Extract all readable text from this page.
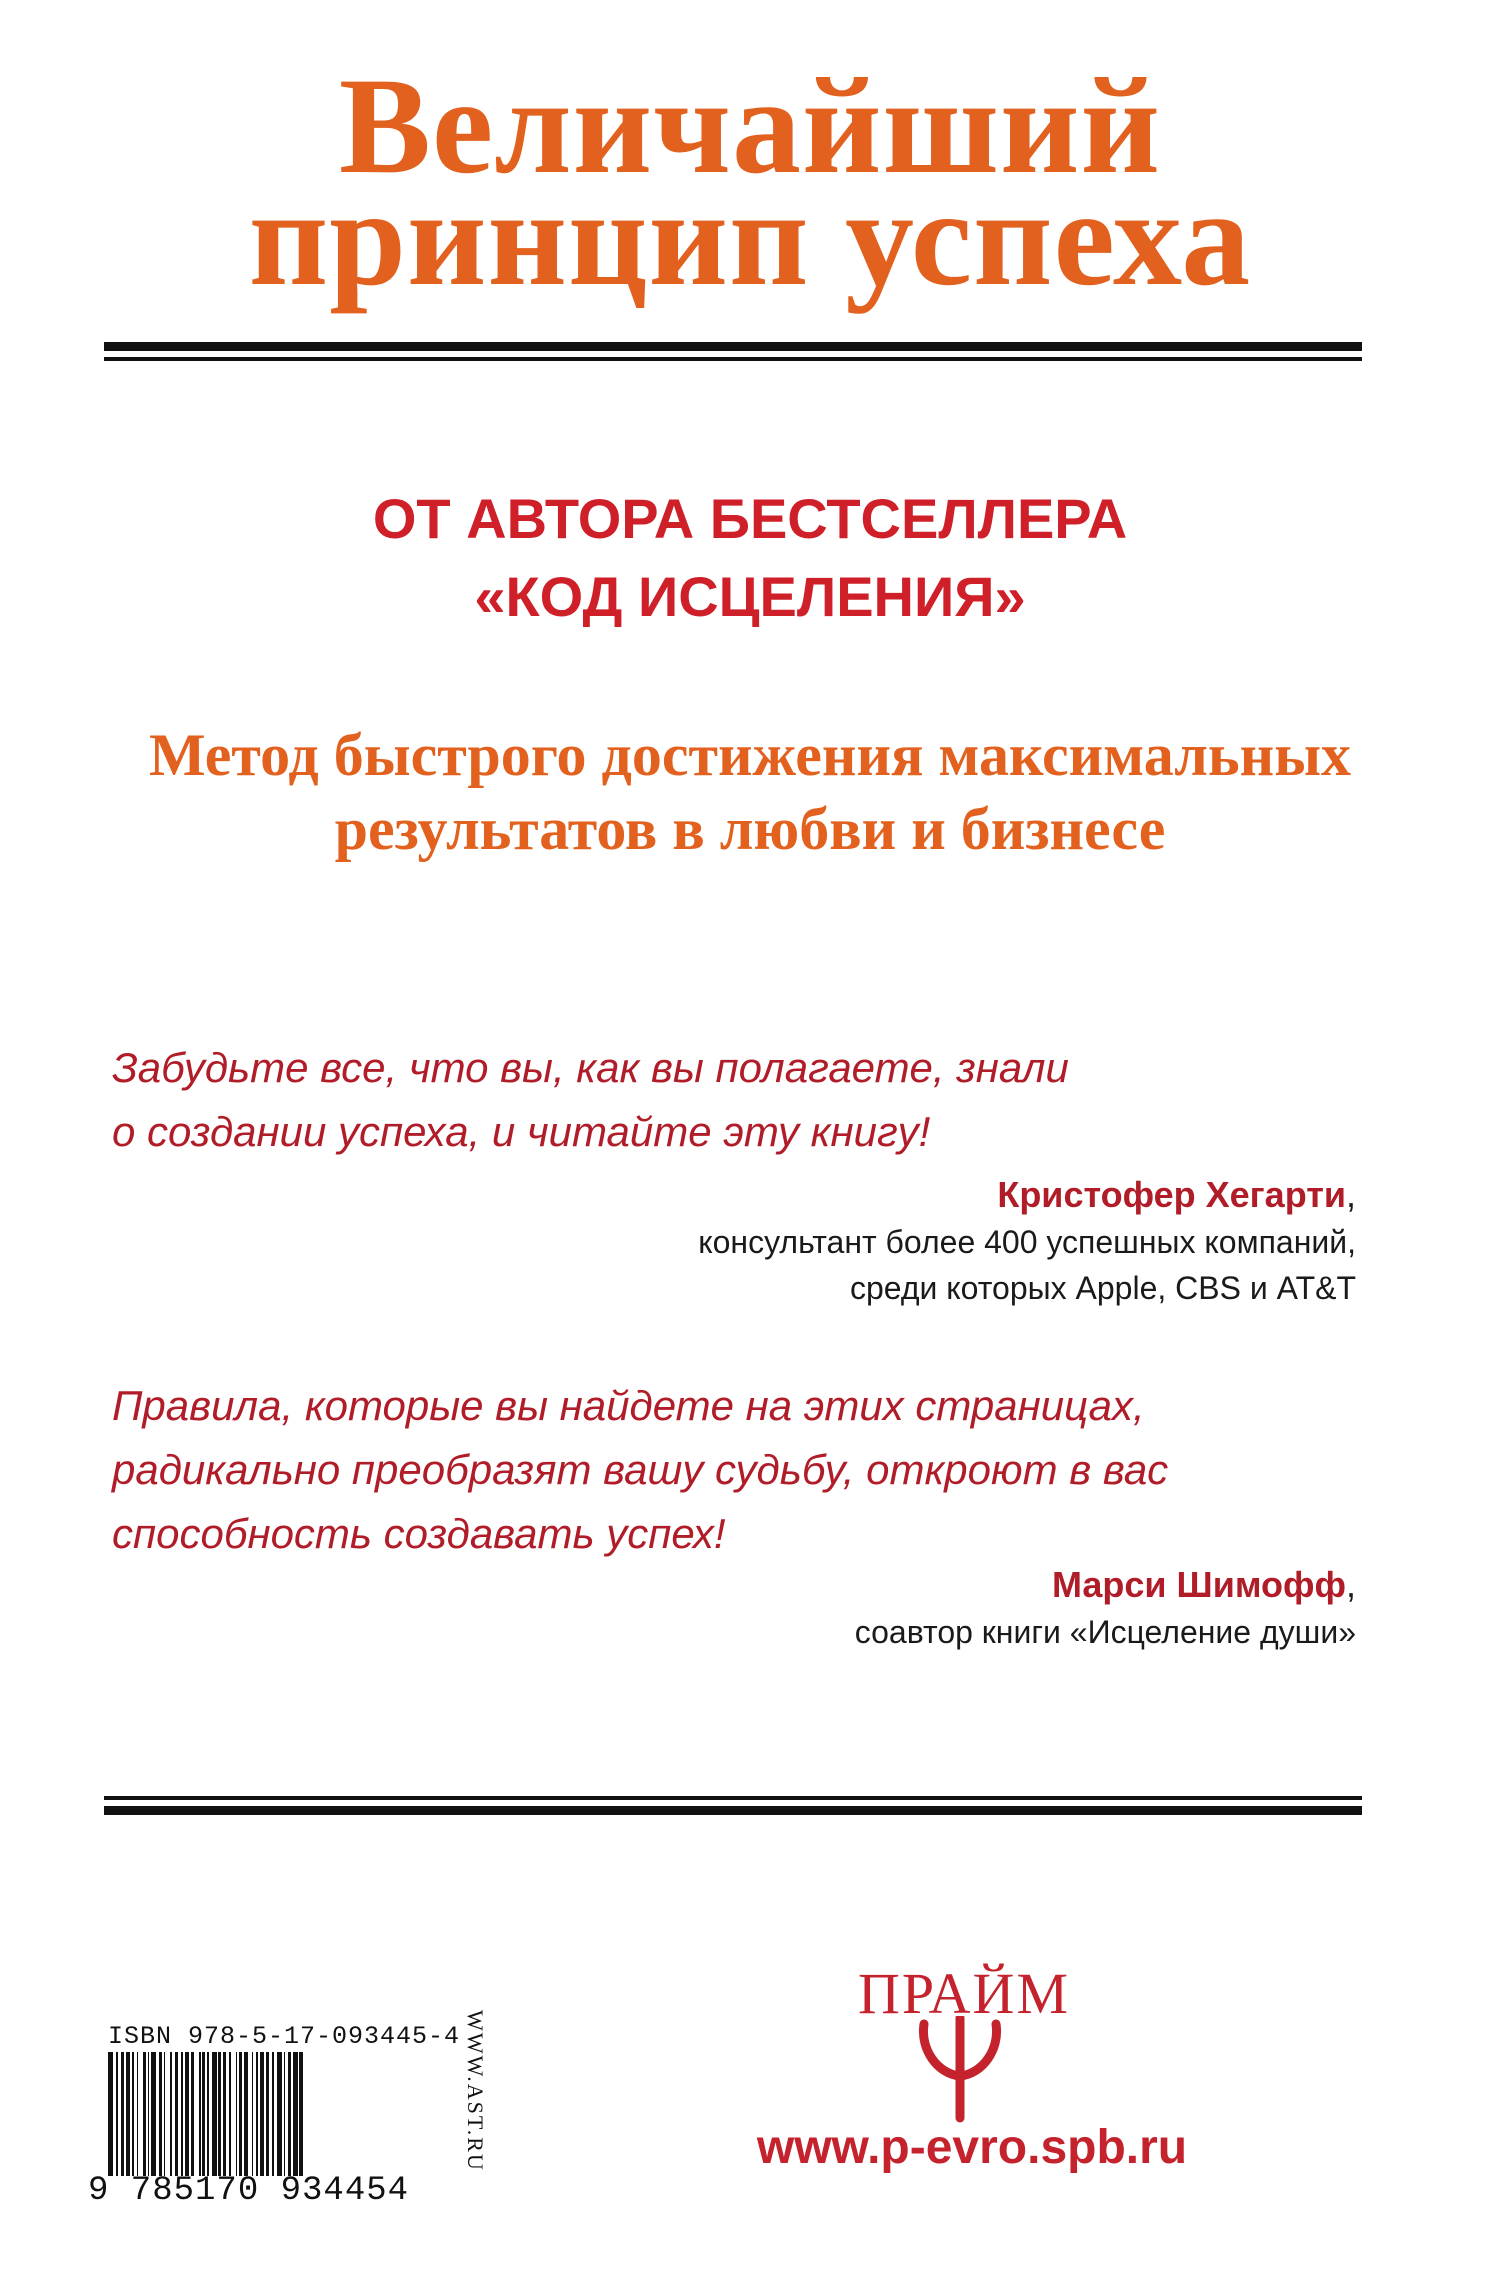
Величайший
принцип успеха
ОТ АВТОРА БЕСТСЕЛЛЕРА
«КОД ИСЦЕЛЕНИЯ»
Метод быстрого достижения максимальных
результатов в любви и бизнесе
Забудьте все, что вы, как вы полагаете, знали
о создании успеха, и читайте эту книгу!
Кристофер Хегарти,
консультант более 400 успешных компаний,
среди которых Apple, CBS и AT&T
Правила, которые вы найдете на этих страницах,
радикально преобразят вашу судьбу, откроют в вас
способность создавать успех!
Марси Шимофф,
соавтор книги «Исцеление души»
ISBN 978-5-17-093445-4
9 785170 934454
WWW.AST.RU
ПРАЙМ
www.p-evro.spb.ru
